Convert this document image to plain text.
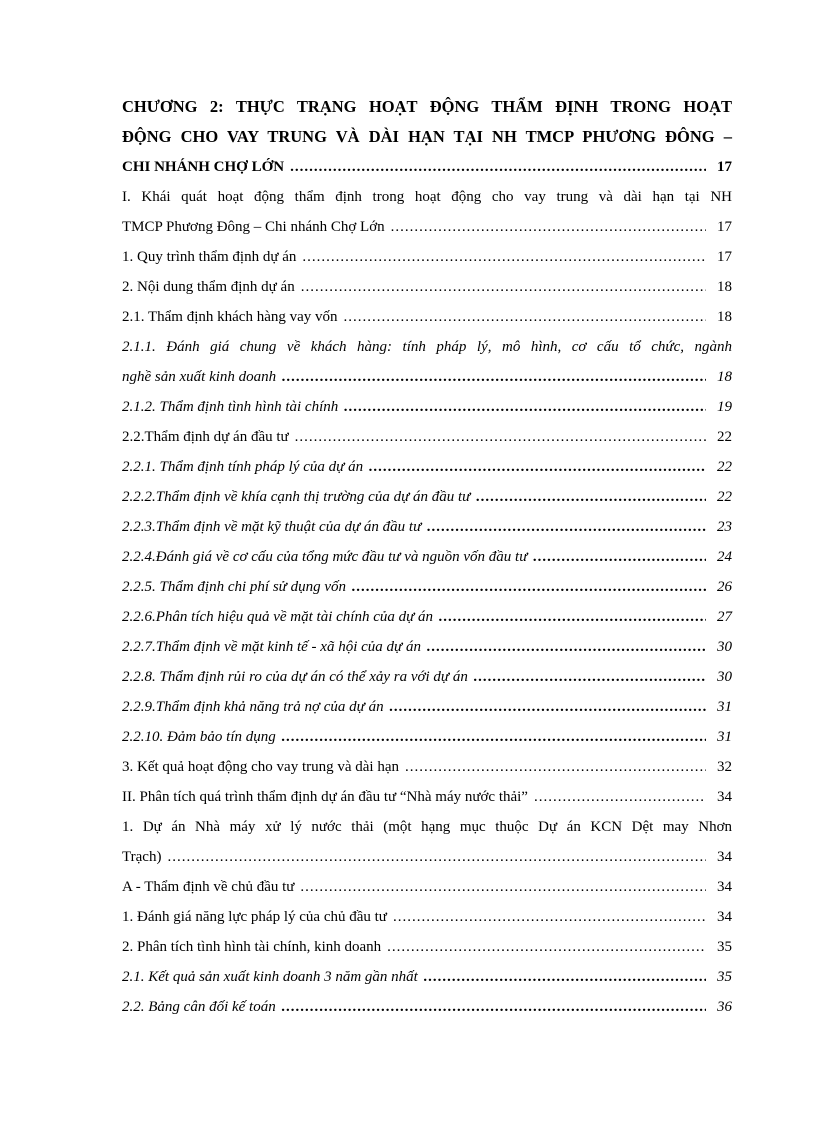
CHƯƠNG 2: THỰC TRẠNG HOẠT ĐỘNG THẨM ĐỊNH TRONG HOẠT
ĐỘNG CHO VAY TRUNG VÀ DÀI HẠN TẠI NH TMCP PHƯƠNG ĐÔNG –
CHI NHÁNH CHỢ LỚN .....	17
I. Khái quát hoạt động thẩm định trong hoạt động cho vay trung và dài hạn tại NH
TMCP Phương Đông – Chi nhánh Chợ Lớn .....	17
1. Quy trình thẩm định dự án .....	17
2. Nội dung thẩm định dự án .....	18
2.1. Thẩm định khách hàng vay vốn .....	18
2.1.1. Đánh giá chung về khách hàng: tính pháp lý, mô hình, cơ cấu tổ chức, ngành
nghề sản xuất kinh doanh .....	18
2.1.2. Thẩm định tình hình tài chính .....	19
2.2.Thẩm định dự án đầu tư .....	22
2.2.1. Thẩm định tính pháp lý của dự án .....	22
2.2.2.Thẩm định về khía cạnh thị trường của dự án đầu tư .....	22
2.2.3.Thẩm định về mặt kỹ thuật của dự án đầu tư .....	23
2.2.4.Đánh giá về cơ cấu của tổng mức đầu tư và nguồn vốn đầu tư .....	24
2.2.5. Thẩm định chi phí sử dụng vốn .....	26
2.2.6.Phân tích hiệu quả về mặt tài chính của dự án .....	27
2.2.7.Thẩm định về mặt kinh tế - xã hội của dự án .....	30
2.2.8. Thẩm định rủi ro của dự án có thể xảy ra với dự án .....	30
2.2.9.Thẩm định khả năng trả nợ của dự án .....	31
2.2.10. Đảm bảo tín dụng .....	31
3. Kết quả hoạt động cho vay trung và dài hạn .....	32
II. Phân tích quá trình thẩm định dự án đầu tư “Nhà máy nước thải” .....	34
1. Dự án Nhà máy xử lý nước thải (một hạng mục thuộc Dự án KCN Dệt may Nhơn
Trạch) .....	34
A - Thẩm định về chủ đầu tư .....	34
1. Đánh giá năng lực pháp lý của chủ đầu tư .....	34
2. Phân tích tình hình tài chính, kinh doanh .....	35
2.1. Kết quả sản xuất kinh doanh 3 năm gần nhất .....	35
2.2. Bảng cân đối kế toán .....	36
